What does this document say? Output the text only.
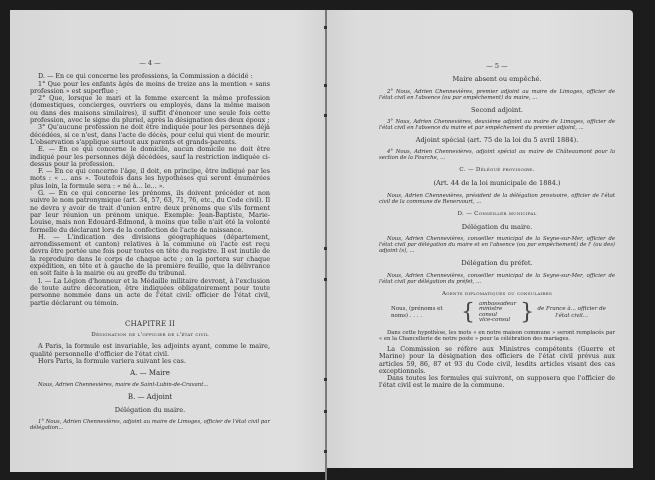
— 4 —

D. — En ce qui concerne les professions, la Commission a décidé :

1° Que pour les enfants âgés de moins de treize ans la mention « sans profession » est superflue ;

2° Que, lorsque le mari et la femme exercent la même profession (domestiques, concierges, ouvriers ou employés, dans la même maison ou dans des maisons similaires), il suffit d'énoncer une seule fois cette profession, avec le signe du pluriel, après la désignation des deux époux ;

3° Qu'aucune profession ne doit être indiquée pour les personnes déjà décédées, si ce n'est, dans l'acte de décès, pour celui qui vient de mourir. L'observation s'applique surtout aux parents et grands-parents.

E. — En ce qui concerne le domicile, aucun domicile ne doit être indiqué pour les personnes déjà décédées, sauf la restriction indiquée ci-dessus pour la profession.

F. — En ce qui concerne l'âge, il doit, en principe, être indiqué par les mots : « ... ans ». Toutefois dans les hypothèses qui seront énumérées plus loin, la formule sera : « né à... le... ».

G. — En ce qui concerne les prénoms, ils doivent précéder et non suivre le nom patronymique (art. 34, 57, 63, 71, 76, etc., du Code civil). Il ne devra y avoir de trait d'union entre deux prénoms que s'ils forment par leur réunion un prénom unique. Exemple: Jean-Baptiste, Marie-Louise, mais non Edouard-Edmond, à moins que telle n'ait été la volonté formelle du déclarant lors de la confection de l'acte de naissance.

H. — L'indication des divisions géographiques (département, arrondissement et canton) relatives à la commune où l'acte est reçu devra être portée une fois pour toutes en tête du registre. Il est inutile de la reproduire dans le corps de chaque acte ; on la portera sur chaque expédition, en tête et à gauche de la première feuille, que la délivrance en soit faite à la mairie ou au greffe du tribunal.

I. — La Légion d'honneur et la Médaille militaire devront, à l'exclusion de toute autre décoration, être indiquées obligatoirement pour toute personne nommée dans un acte de l'état civil: officier de l'état civil, partie déclarant ou témoin.

CHAPITRE II
Désignation de l'officier de l'état civil

A Paris, la formule est invariable, les adjoints ayant, comme le maire, qualité personnelle d'officier de l'état civil.

Hors Paris, la formule variera suivant les cas.

A. — Maire

Nous, Adrien Chennevières, maire de Saint-Lubin-de-Cravant...

B. — Adjoint
Délégation du maire.

1° Nous, Adrien Chennevières, adjoint au maire de Limoges, officier de l'état civil par délégation...

— 5 —
Maire absent ou empêché.

2° Nous, Adrien Chennevières, premier adjoint au maire de Limoges, officier de l'état civil en l'absence (ou par empêchement) du maire, ...

Second adjoint.

3° Nous, Adrien Chennevières, deuxième adjoint au maire de Limoges, officier de l'état civil en l'absence du maire et par empêchement du premier adjoint, ...

Adjoint spécial (art. 75 de la loi du 5 avril 1884).

4° Nous, Adrien Chennevières, adjoint spécial au maire de Châteaumont pour la section de la Fourche, ...

C. — Délégué provisoire.
(Art. 44 de la loi municipale de 1884.)

Nous, Adrien Chennevières, président de la délégation provisoire, officier de l'état civil de la commune de Renervourt, ...

D. — Conseiller municipal
Délégation du maire.

Nous, Adrien Chennevières, conseiller municipal de la Seyne-sur-Mer, officier de l'état civil par délégation du maire et en l'absence (ou par empêchement) de l' (ou des) adjoint (s), ...

Délégation du préfet.

Nous, Adrien Chennevières, conseiller municipal de la Seyne-sur-Mer, officier de l'état civil par délégation du préfet, ...

Agents diplomatiques ou consulaires
Nous, (prénoms et noms) . . . .	{ ambassadeur
ministre
consul
vice-consul } de France à... officier de l'état civil...

Dans cette hypothèse, les mots « en notre maison commune » seront remplacés par « en la Chancellerie de notre poste » pour la célébration des mariages.

La Commission se réfère aux Ministres compétents (Guerre et Marine) pour la désignation des officiers de l'état civil prévus aux articles 59, 86, 87 et 93 du Code civil, lesdits articles visant des cas exceptionnels.

Dans toutes les formules qui suivront, on supposera que l'officier de l'état civil est le maire de la commune.
